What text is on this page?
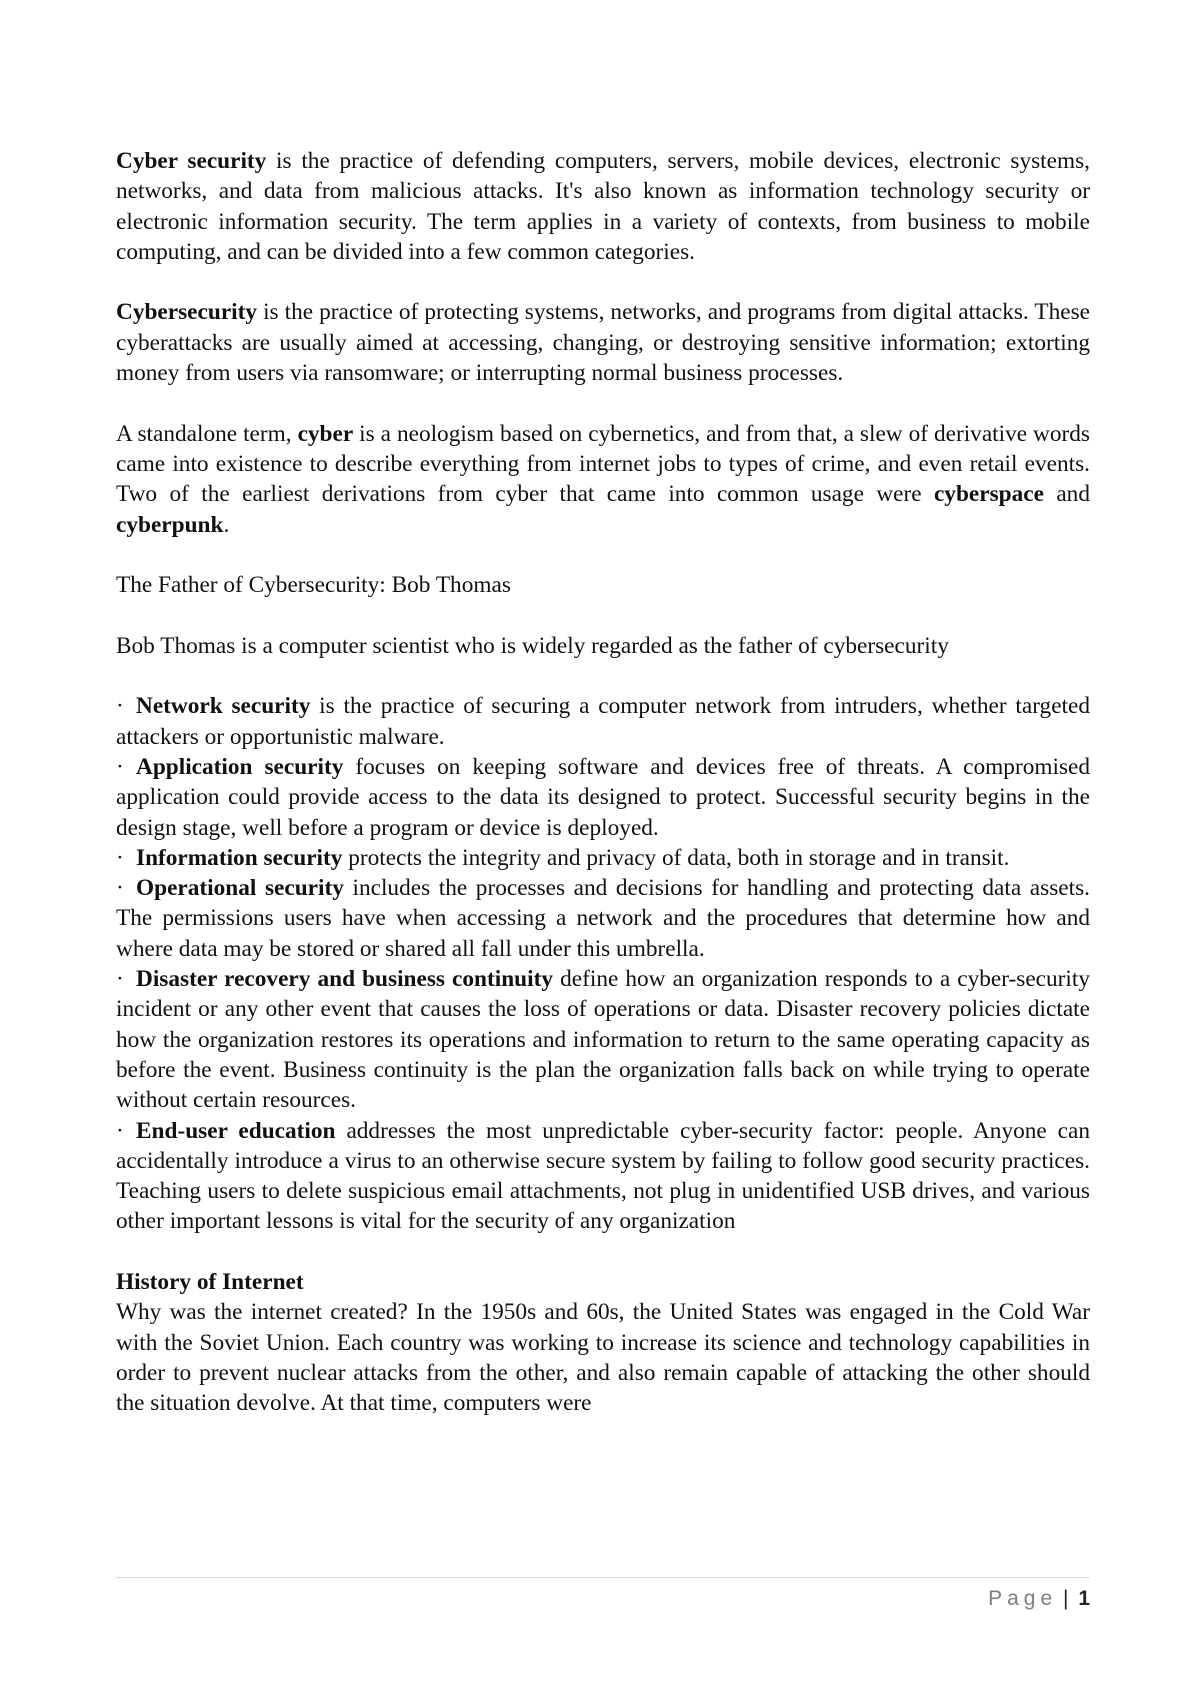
Cyber security is the practice of defending computers, servers, mobile devices, electronic systems, networks, and data from malicious attacks. It's also known as information technology security or electronic information security. The term applies in a variety of contexts, from business to mobile computing, and can be divided into a few common categories.

Cybersecurity is the practice of protecting systems, networks, and programs from digital attacks. These cyberattacks are usually aimed at accessing, changing, or destroying sensitive information; extorting money from users via ransomware; or interrupting normal business processes.

A standalone term, cyber is a neologism based on cybernetics, and from that, a slew of derivative words came into existence to describe everything from internet jobs to types of crime, and even retail events. Two of the earliest derivations from cyber that came into common usage were cyberspace and cyberpunk.

The Father of Cybersecurity: Bob Thomas

Bob Thomas is a computer scientist who is widely regarded as the father of cybersecurity

· Network security is the practice of securing a computer network from intruders, whether targeted attackers or opportunistic malware.
· Application security focuses on keeping software and devices free of threats. A compromised application could provide access to the data its designed to protect. Successful security begins in the design stage, well before a program or device is deployed.
· Information security protects the integrity and privacy of data, both in storage and in transit.
· Operational security includes the processes and decisions for handling and protecting data assets. The permissions users have when accessing a network and the procedures that determine how and where data may be stored or shared all fall under this umbrella.
· Disaster recovery and business continuity define how an organization responds to a cyber-security incident or any other event that causes the loss of operations or data. Disaster recovery policies dictate how the organization restores its operations and information to return to the same operating capacity as before the event. Business continuity is the plan the organization falls back on while trying to operate without certain resources.
· End-user education addresses the most unpredictable cyber-security factor: people. Anyone can accidentally introduce a virus to an otherwise secure system by failing to follow good security practices. Teaching users to delete suspicious email attachments, not plug in unidentified USB drives, and various other important lessons is vital for the security of any organization

History of Internet

Why was the internet created? In the 1950s and 60s, the United States was engaged in the Cold War with the Soviet Union. Each country was working to increase its science and technology capabilities in order to prevent nuclear attacks from the other, and also remain capable of attacking the other should the situation devolve. At that time, computers were

Page | 1
